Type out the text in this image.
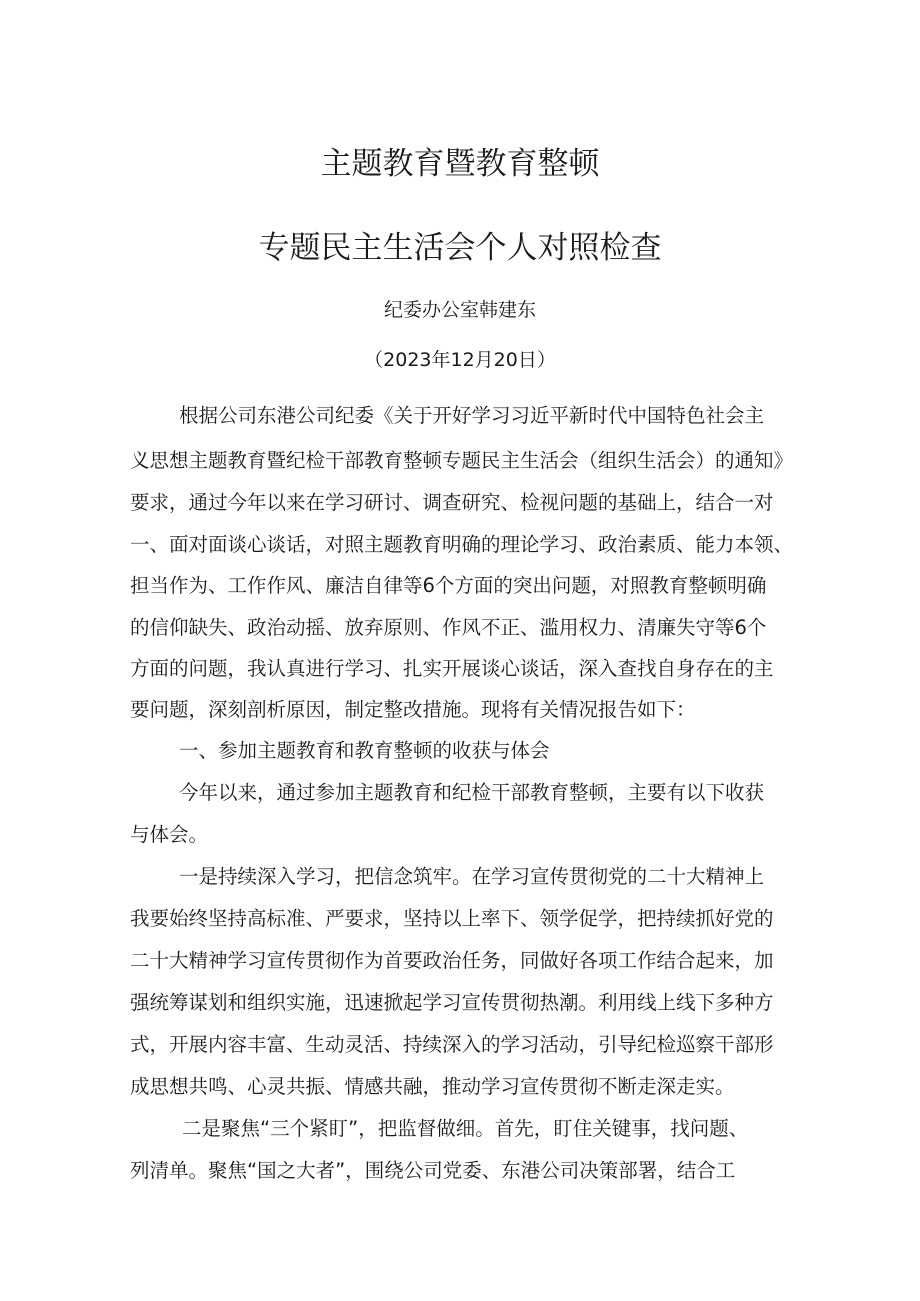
主题教育暨教育整顿
专题民主生活会个人对照检查
纪委办公室韩建东
（2023年12月20日）
根据公司东港公司纪委《关于开好学习习近平新时代中国特色社会主
义思想主题教育暨纪检干部教育整顿专题民主生活会（组织生活会）的通知》
要求，通过今年以来在学习研讨、调查研究、检视问题的基础上，结合一对
一、面对面谈心谈话，对照主题教育明确的理论学习、政治素质、能力本领、
担当作为、工作作风、廉洁自律等6个方面的突出问题，对照教育整顿明确
的信仰缺失、政治动摇、放弃原则、作风不正、滥用权力、清廉失守等6个
方面的问题，我认真进行学习、扎实开展谈心谈话，深入查找自身存在的主
要问题，深刻剖析原因，制定整改措施。现将有关情况报告如下：
一、参加主题教育和教育整顿的收获与体会
今年以来，通过参加主题教育和纪检干部教育整顿，主要有以下收获
与体会。
一是持续深入学习，把信念筑牢。在学习宣传贯彻党的二十大精神上
我要始终坚持高标准、严要求，坚持以上率下、领学促学，把持续抓好党的
二十大精神学习宣传贯彻作为首要政治任务，同做好各项工作结合起来，加
强统筹谋划和组织实施，迅速掀起学习宣传贯彻热潮。利用线上线下多种方
式，开展内容丰富、生动灵活、持续深入的学习活动，引导纪检巡察干部形
成思想共鸣、心灵共振、情感共融，推动学习宣传贯彻不断走深走实。
二是聚焦“三个紧盯”，把监督做细。首先，盯住关键事，找问题、
列清单。聚焦“国之大者”，围绕公司党委、东港公司决策部署，结合工
